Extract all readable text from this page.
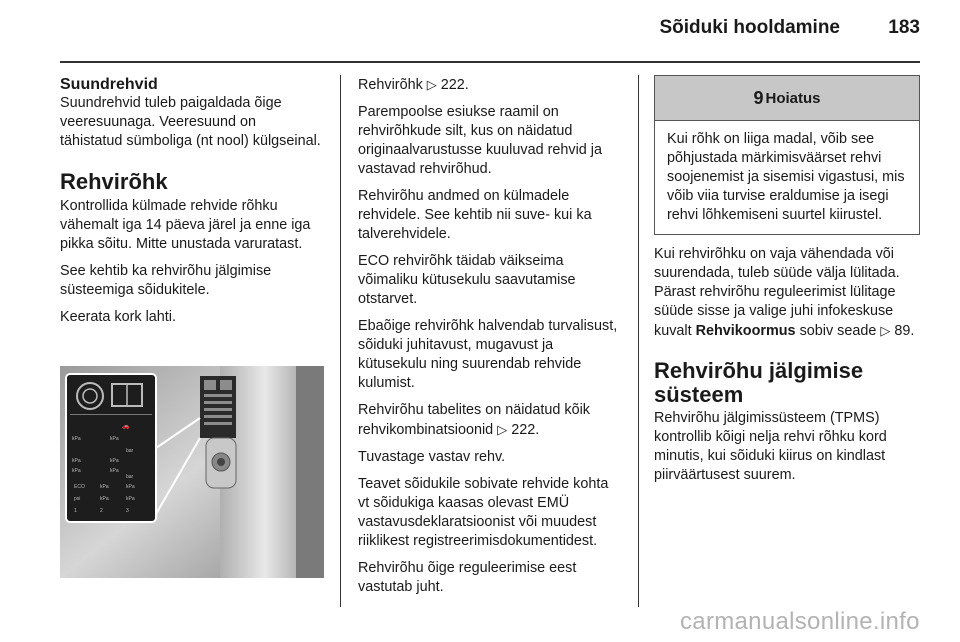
Sõiduki hooldamine	183
Suundrehvid

Suundrehvid tuleb paigaldada õige veeresuunaga. Veeresuund on tähistatud sümboliga (nt nool) külgseinal.

Rehvirõhk

Kontrollida külmade rehvide rõhku vähemalt iga 14 päeva järel ja enne iga pikka sõitu. Mitte unustada varuratast.

See kehtib ka rehvirõhu jälgimise süsteemiga sõidukitele.

Keerata kork lahti.

🚗
kPa	kPa
bar
kPa	kPa
kPa	kPa
bar
kPa	kPa
kPa	kPa
psi
ECO
1	2	3

Rehvirõhk ▷ 222.

Parempoolse esiukse raamil on rehvirõhkude silt, kus on näidatud originaalvarustusse kuuluvad rehvid ja vastavad rehvirõhud.

Rehvirõhu andmed on külmadele rehvidele. See kehtib nii suve- kui ka talverehvidele.

ECO rehvirõhk täidab väikseima võimaliku kütusekulu saavutamise otstarvet.

Ebaõige rehvirõhk halvendab turvalisust, sõiduki juhitavust, mugavust ja kütusekulu ning suurendab rehvide kulumist.

Rehvirõhu tabelites on näidatud kõik rehvikombinatsioonid ▷ 222.

Tuvastage vastav rehv.

Teavet sõidukile sobivate rehvide kohta vt sõidukiga kaasas olevast EMÜ vastavusdeklaratsioonist või muudest riiklikest registreerimisdokumentidest.

Rehvirõhu õige reguleerimise eest vastutab juht.

9 Hoiatus
Kui rõhk on liiga madal, võib see põhjustada märkimisväärset rehvi soojenemist ja sisemisi vigastusi, mis võib viia turvise eraldumise ja isegi rehvi lõhkemiseni suurtel kiirustel.

Kui rehvirõhku on vaja vähendada või suurendada, tuleb süüde välja lülitada. Pärast rehvirõhu reguleerimist lülitage süüde sisse ja valige juhi infokeskuse kuvalt Rehvikoormus sobiv seade ▷ 89.

Rehvirõhu jälgimise süsteem

Rehvirõhu jälgimissüsteem (TPMS) kontrollib kõigi nelja rehvi rõhku kord minutis, kui sõiduki kiirus on kindlast piirväärtusest suurem.

carmanualsonline.info
